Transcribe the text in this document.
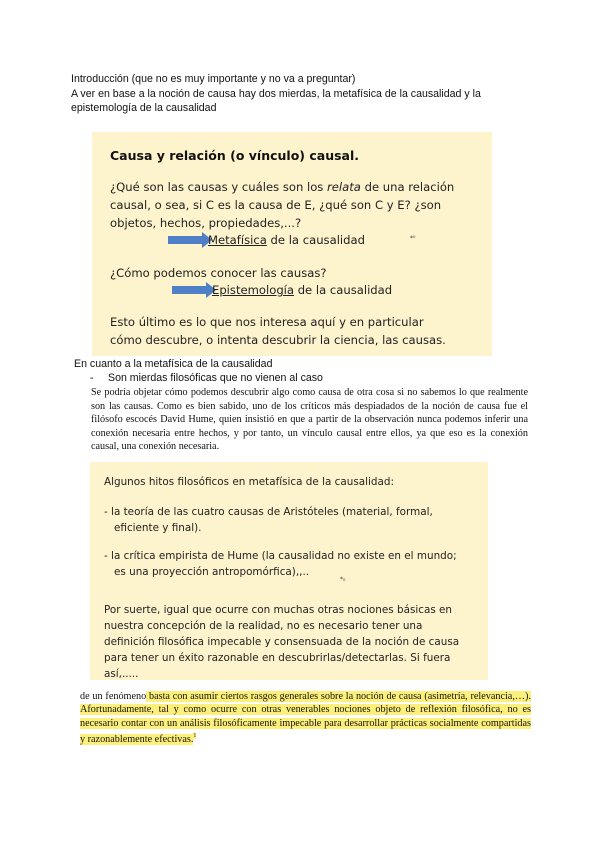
Introducción (que no es muy importante y no va a preguntar)
A ver en base a la noción de causa hay dos mierdas, la metafísica de la causalidad y la epistemología de la causalidad
Causa y relación (o vínculo) causal.
¿Qué son las causas y cuáles son los relata de una relación
causal, o sea, si C es la causa de E, ¿qué son C y E? ¿son
objetos, hechos, propiedades,...?
Metafísica de la causalidad	*⁰
¿Cómo podemos conocer las causas?
Epistemología de la causalidad
Esto último es lo que nos interesa aquí y en particular
cómo descubre, o intenta descubrir la ciencia, las causas.
En cuanto a la metafísica de la causalidad
- Son mierdas filosóficas que no vienen al caso
Se podría objetar cómo podemos descubrir algo como causa de otra cosa si no sabemos lo que realmente son las causas. Como es bien sabido, uno de los críticos más despiadados de la noción de causa fue el filósofo escocés David Hume, quien insistió en que a partir de la observación nunca podemos inferir una conexión necesaria entre hechos, y por tanto, un vínculo causal entre ellos, ya que eso es la conexión causal, una conexión necesaria.
Algunos hitos filosóficos en metafísica de la causalidad:
- la teoría de las cuatro causas de Aristóteles (material, formal,
eficiente y final).
- la crítica empirista de Hume (la causalidad no existe en el mundo;
es una proyección antropomórfica),,..
*₀
Por suerte, igual que ocurre con muchas otras nociones básicas en
nuestra concepción de la realidad, no es necesario tener una
definición filosófica impecable y consensuada de la noción de causa
para tener un éxito razonable en descubrirlas/detectarlas. Si fuera
así,.....
de un fenómeno basta con asumir ciertos rasgos generales sobre la noción de causa (asimetría, relevancia,…). Afortunadamente, tal y como ocurre con otras venerables nociones objeto de reflexión filosófica, no es necesario contar con un análisis filosóficamente impecable para desarrollar prácticas socialmente compartidas y razonablemente efectivas.$^1$
